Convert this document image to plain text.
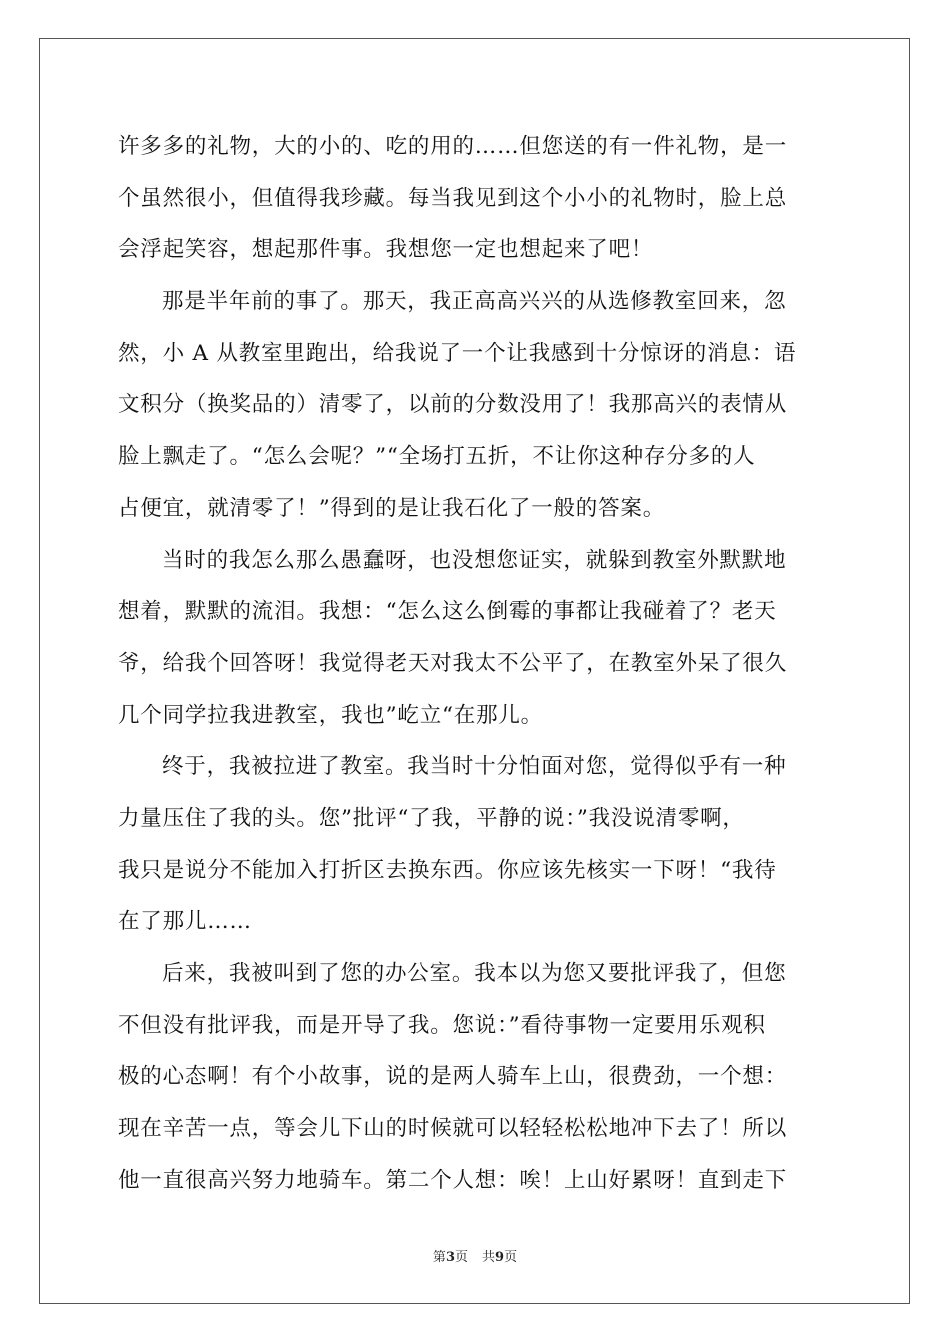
许多多的礼物，大的小的、吃的用的……但您送的有一件礼物，是一
个虽然很小，但值得我珍藏。每当我见到这个小小的礼物时，脸上总
会浮起笑容，想起那件事。我想您一定也想起来了吧！
那是半年前的事了。那天，我正高高兴兴的从选修教室回来，忽
然，小 A 从教室里跑出，给我说了一个让我感到十分惊讶的消息：语
文积分（换奖品的）清零了，以前的分数没用了！我那高兴的表情从
脸上飘走了。“怎么会呢？”“全场打五折，不让你这种存分多的人
占便宜，就清零了！”得到的是让我石化了一般的答案。
当时的我怎么那么愚蠢呀，也没想您证实，就躲到教室外默默地
想着，默默的流泪。我想：“怎么这么倒霉的事都让我碰着了？老天
爷，给我个回答呀！我觉得老天对我太不公平了，在教室外呆了很久
几个同学拉我进教室，我也”屹立“在那儿。
终于，我被拉进了教室。我当时十分怕面对您，觉得似乎有一种
力量压住了我的头。您”批评“了我，平静的说：”我没说清零啊，
我只是说分不能加入打折区去换东西。你应该先核实一下呀！“我待
在了那儿……
后来，我被叫到了您的办公室。我本以为您又要批评我了，但您
不但没有批评我，而是开导了我。您说：”看待事物一定要用乐观积
极的心态啊！有个小故事，说的是两人骑车上山，很费劲，一个想：
现在辛苦一点，等会儿下山的时候就可以轻轻松松地冲下去了！所以
他一直很高兴努力地骑车。第二个人想：唉！上山好累呀！直到走下
第3页 共9页
